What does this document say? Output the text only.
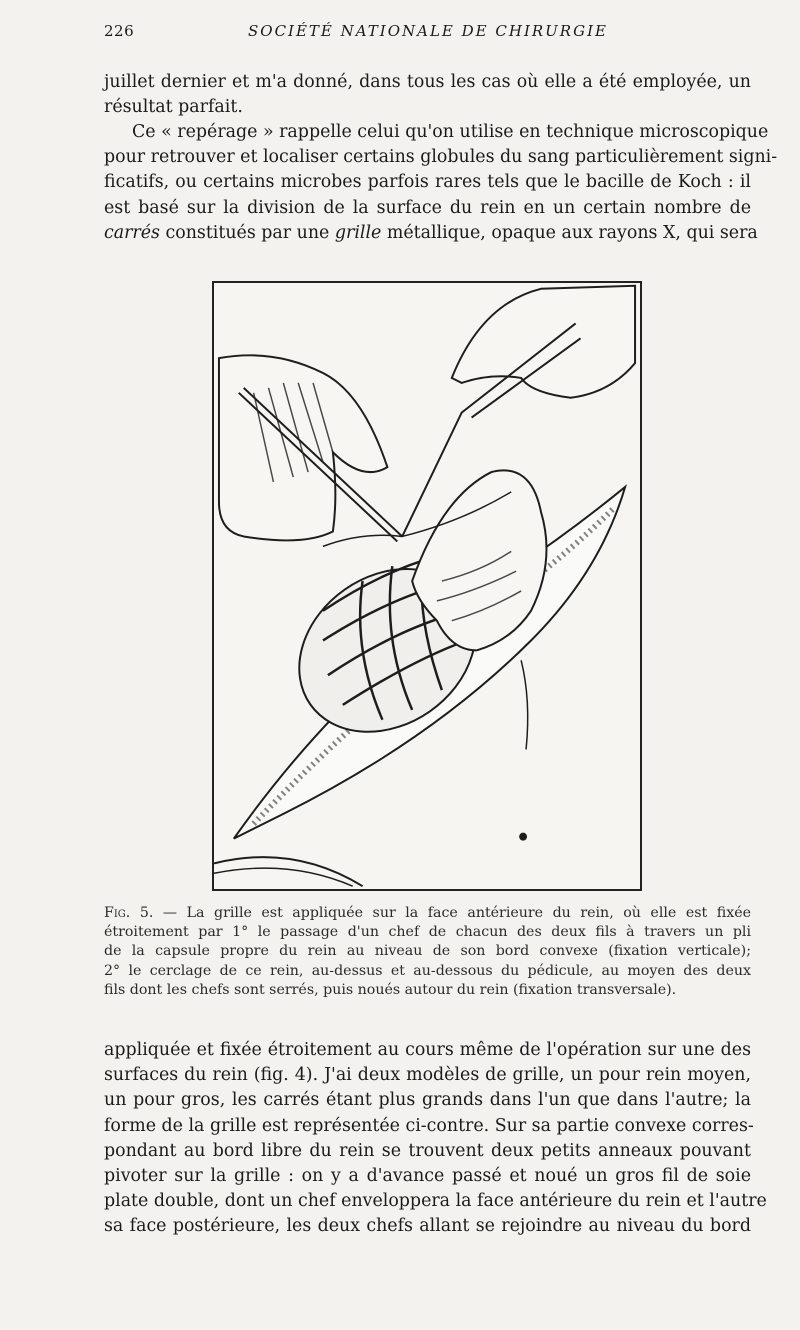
226	SOCIÉTÉ NATIONALE DE CHIRURGIE
juillet dernier et m'a donné, dans tous les cas où elle a été employée, un
résultat parfait.
Ce « repérage » rappelle celui qu'on utilise en technique microscopique
pour retrouver et localiser certains globules du sang particulièrement signi-
ficatifs, ou certains microbes parfois rares tels que le bacille de Koch : il
est basé sur la division de la surface du rein en un certain nombre de
carrés constitués par une grille métallique, opaque aux rayons X, qui sera
Fig. 5. — La grille est appliquée sur la face antérieure du rein, où elle est fixée
étroitement par 1° le passage d'un chef de chacun des deux fils à travers un pli
de la capsule propre du rein au niveau de son bord convexe (fixation verticale);
2° le cerclage de ce rein, au-dessus et au-dessous du pédicule, au moyen des deux
fils dont les chefs sont serrés, puis noués autour du rein (fixation transversale).
appliquée et fixée étroitement au cours même de l'opération sur une des
surfaces du rein (fig. 4). J'ai deux modèles de grille, un pour rein moyen,
un pour gros, les carrés étant plus grands dans l'un que dans l'autre; la
forme de la grille est représentée ci-contre. Sur sa partie convexe corres-
pondant au bord libre du rein se trouvent deux petits anneaux pouvant
pivoter sur la grille : on y a d'avance passé et noué un gros fil de soie
plate double, dont un chef enveloppera la face antérieure du rein et l'autre
sa face postérieure, les deux chefs allant se rejoindre au niveau du bord
